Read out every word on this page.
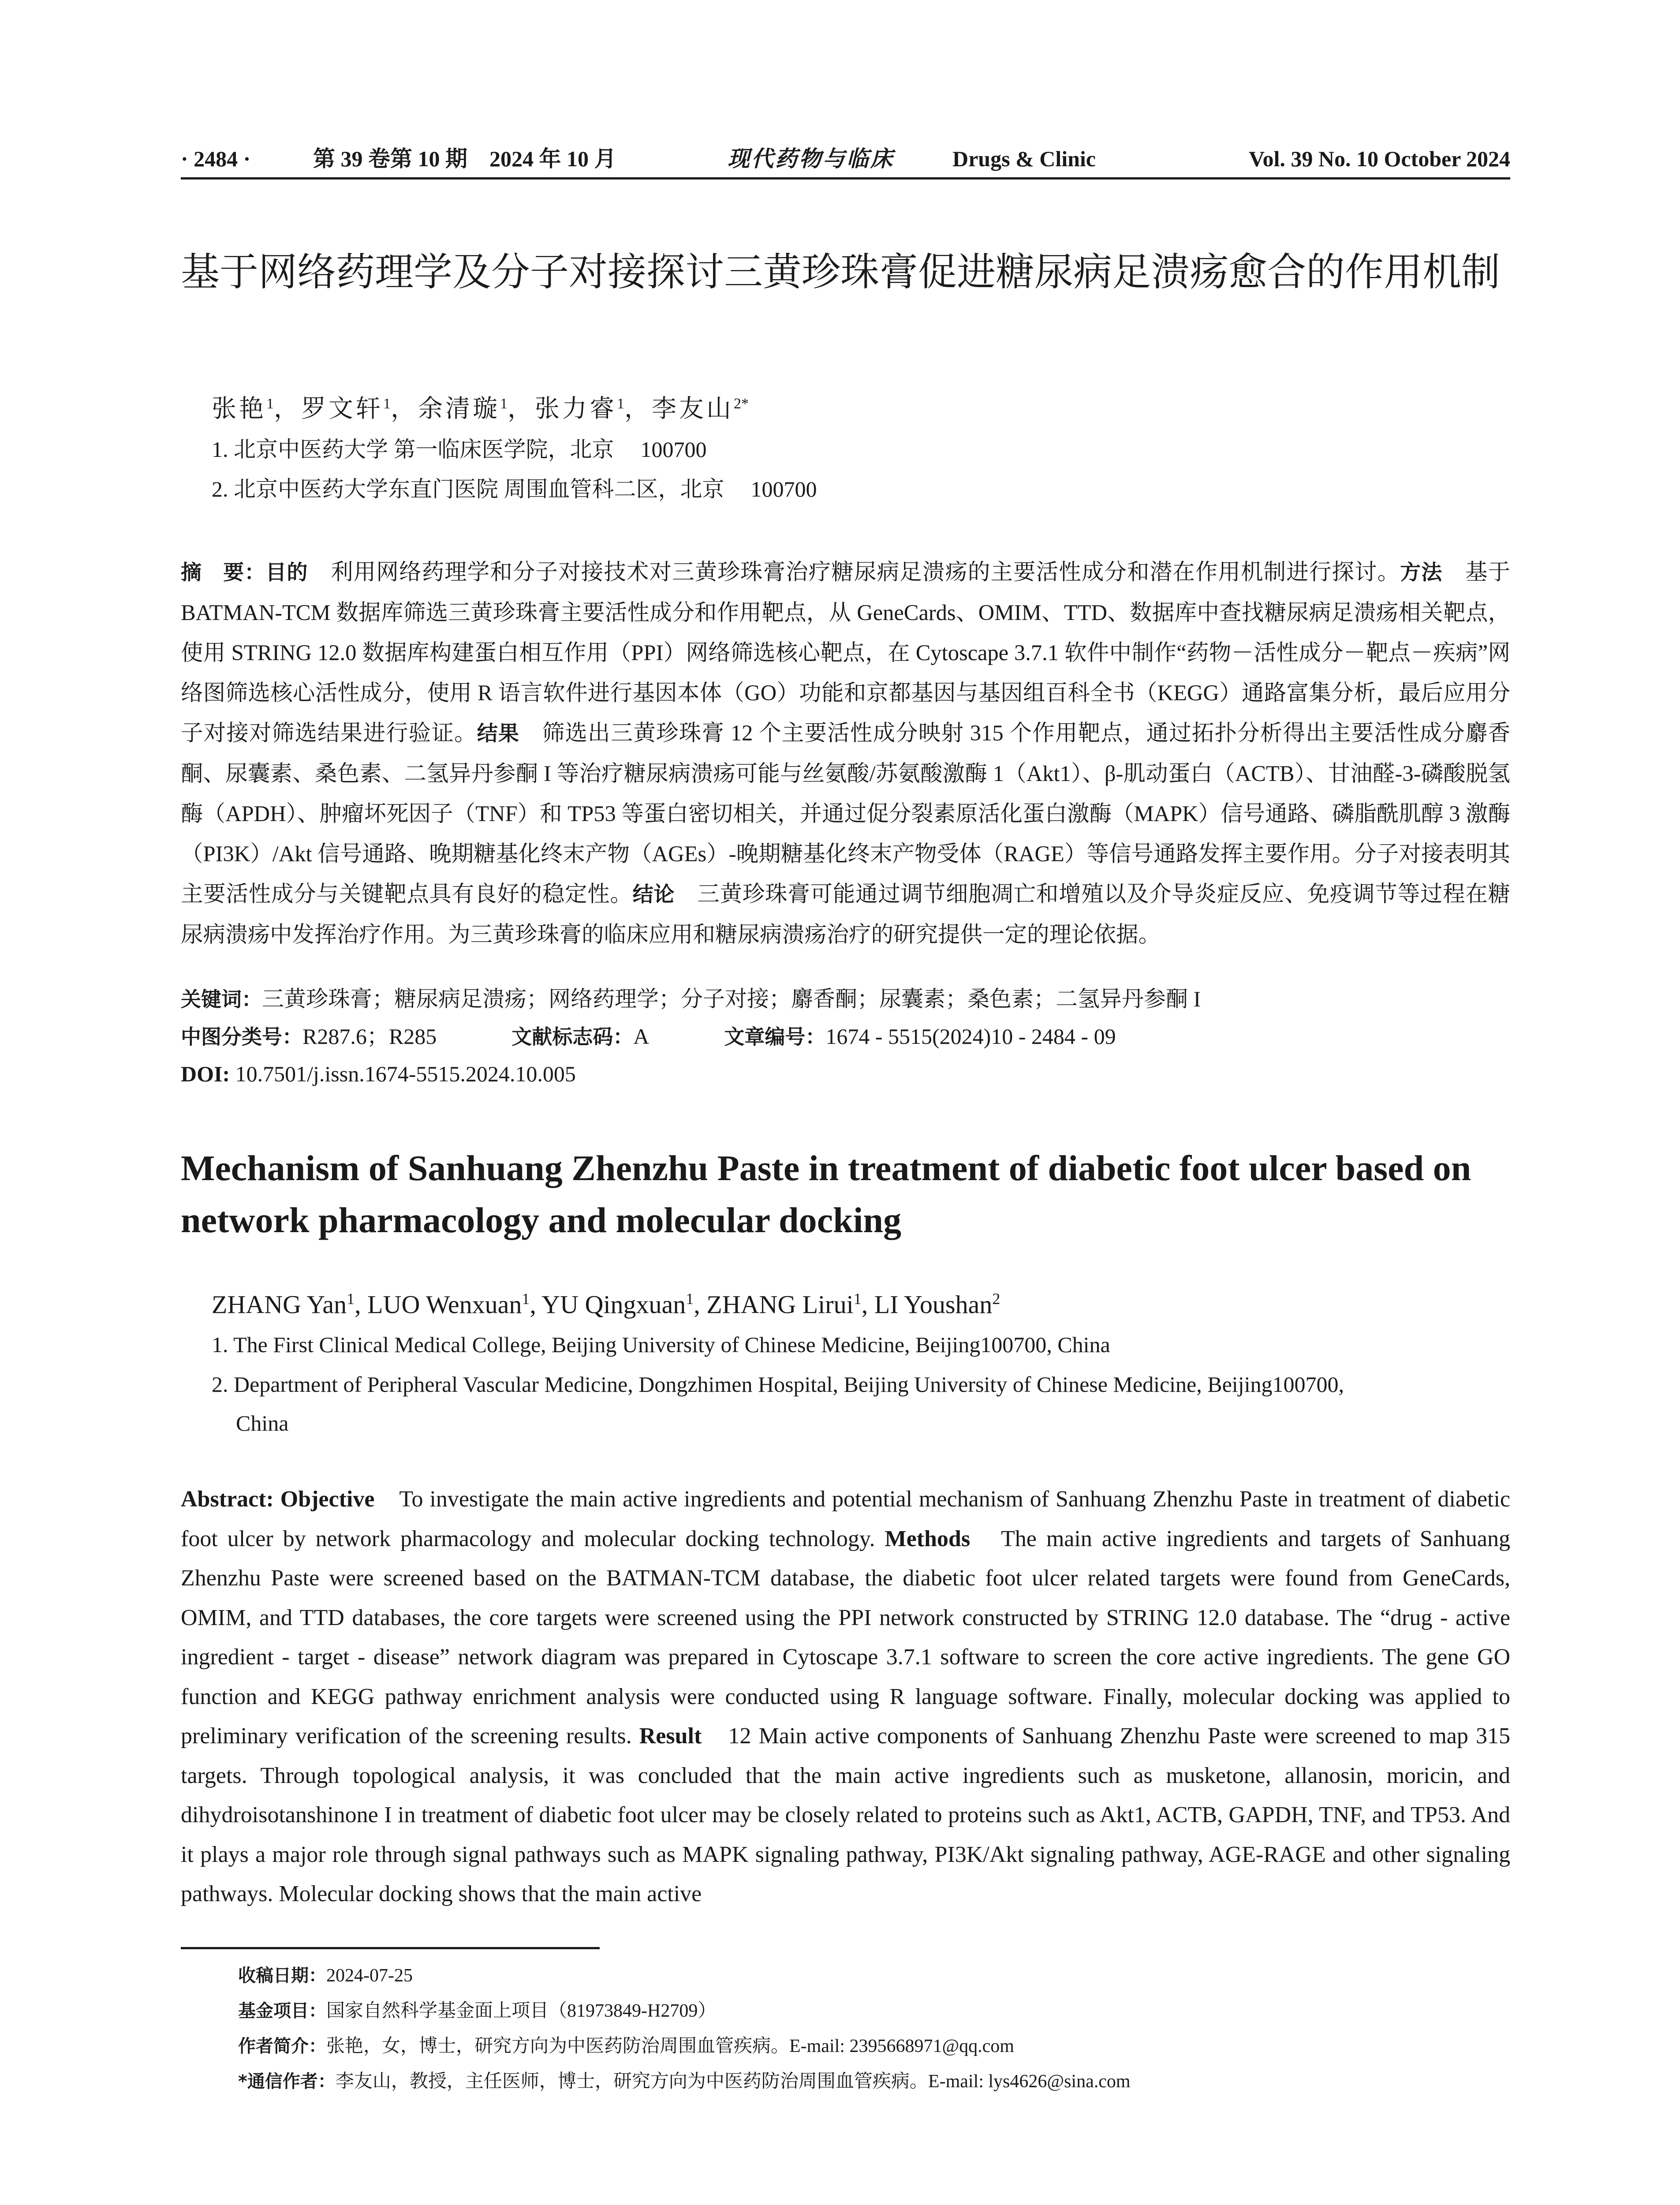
· 2484 ·	第 39 卷第 10 期　2024 年 10 月	现代药物与临床	Drugs & Clinic	Vol. 39 No. 10 October 2024
基于网络药理学及分子对接探讨三黄珍珠膏促进糖尿病足溃疡愈合的作用机制
张艳$^1$，罗文轩$^1$，余清璇$^1$，张力睿$^1$，李友山$^{2*}$
1. 北京中医药大学 第一临床医学院，北京 100700
2. 北京中医药大学东直门医院 周围血管科二区，北京 100700
摘　要：目的　利用网络药理学和分子对接技术对三黄珍珠膏治疗糖尿病足溃疡的主要活性成分和潜在作用机制进行探讨。方法　基于 BATMAN-TCM 数据库筛选三黄珍珠膏主要活性成分和作用靶点，从 GeneCards、OMIM、TTD、数据库中查找糖尿病足溃疡相关靶点，使用 STRING 12.0 数据库构建蛋白相互作用（PPI）网络筛选核心靶点，在 Cytoscape 3.7.1 软件中制作“药物－活性成分－靶点－疾病”网络图筛选核心活性成分，使用 R 语言软件进行基因本体（GO）功能和京都基因与基因组百科全书（KEGG）通路富集分析，最后应用分子对接对筛选结果进行验证。结果　筛选出三黄珍珠膏 12 个主要活性成分映射 315 个作用靶点，通过拓扑分析得出主要活性成分麝香酮、尿囊素、桑色素、二氢异丹参酮 I 等治疗糖尿病溃疡可能与丝氨酸/苏氨酸激酶 1（Akt1）、β-肌动蛋白（ACTB）、甘油醛-3-磷酸脱氢酶（APDH）、肿瘤坏死因子（TNF）和 TP53 等蛋白密切相关，并通过促分裂素原活化蛋白激酶（MAPK）信号通路、磷脂酰肌醇 3 激酶（PI3K）/Akt 信号通路、晚期糖基化终末产物（AGEs）-晚期糖基化终末产物受体（RAGE）等信号通路发挥主要作用。分子对接表明其主要活性成分与关键靶点具有良好的稳定性。结论　三黄珍珠膏可能通过调节细胞凋亡和增殖以及介导炎症反应、免疫调节等过程在糖尿病溃疡中发挥治疗作用。为三黄珍珠膏的临床应用和糖尿病溃疡治疗的研究提供一定的理论依据。
关键词：三黄珍珠膏；糖尿病足溃疡；网络药理学；分子对接；麝香酮；尿囊素；桑色素；二氢异丹参酮 I
中图分类号：R287.6；R285	文献标志码：A	文章编号：1674 - 5515(2024)10 - 2484 - 09
DOI: 10.7501/j.issn.1674-5515.2024.10.005
Mechanism of Sanhuang Zhenzhu Paste in treatment of diabetic foot ulcer based on network pharmacology and molecular docking
ZHANG Yan$^1$, LUO Wenxuan$^1$, YU Qingxuan$^1$, ZHANG Lirui$^1$, LI Youshan$^2$
1. The First Clinical Medical College, Beijing University of Chinese Medicine, Beijing100700, China
2. Department of Peripheral Vascular Medicine, Dongzhimen Hospital, Beijing University of Chinese Medicine, Beijing100700,
China
Abstract: Objective　To investigate the main active ingredients and potential mechanism of Sanhuang Zhenzhu Paste in treatment of diabetic foot ulcer by network pharmacology and molecular docking technology. Methods　The main active ingredients and targets of Sanhuang Zhenzhu Paste were screened based on the BATMAN-TCM database, the diabetic foot ulcer related targets were found from GeneCards, OMIM, and TTD databases, the core targets were screened using the PPI network constructed by STRING 12.0 database. The “drug - active ingredient - target - disease” network diagram was prepared in Cytoscape 3.7.1 software to screen the core active ingredients. The gene GO function and KEGG pathway enrichment analysis were conducted using R language software. Finally, molecular docking was applied to preliminary verification of the screening results. Result　12 Main active components of Sanhuang Zhenzhu Paste were screened to map 315 targets. Through topological analysis, it was concluded that the main active ingredients such as musketone, allanosin, moricin, and dihydroisotanshinone I in treatment of diabetic foot ulcer may be closely related to proteins such as Akt1, ACTB, GAPDH, TNF, and TP53. And it plays a major role through signal pathways such as MAPK signaling pathway, PI3K/Akt signaling pathway, AGE-RAGE and other signaling pathways. Molecular docking shows that the main active
收稿日期：2024-07-25
基金项目：国家自然科学基金面上项目（81973849-H2709）
作者简介：张艳，女，博士，研究方向为中医药防治周围血管疾病。E-mail: 2395668971@qq.com
*通信作者：李友山，教授，主任医师，博士，研究方向为中医药防治周围血管疾病。E-mail: lys4626@sina.com
